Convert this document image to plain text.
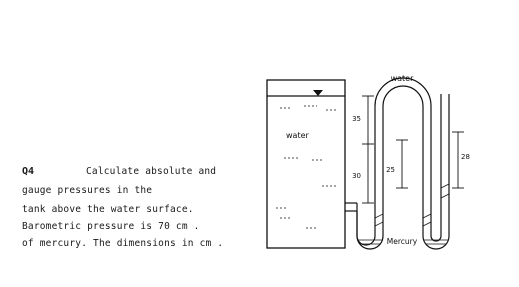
Q4	Calculate absolute and
gauge pressures in the
tank above the water surface.
Barometric pressure is 70 cm .
of mercury. The dimensions in cm .
water
water
Mercury
35
30
25
28
